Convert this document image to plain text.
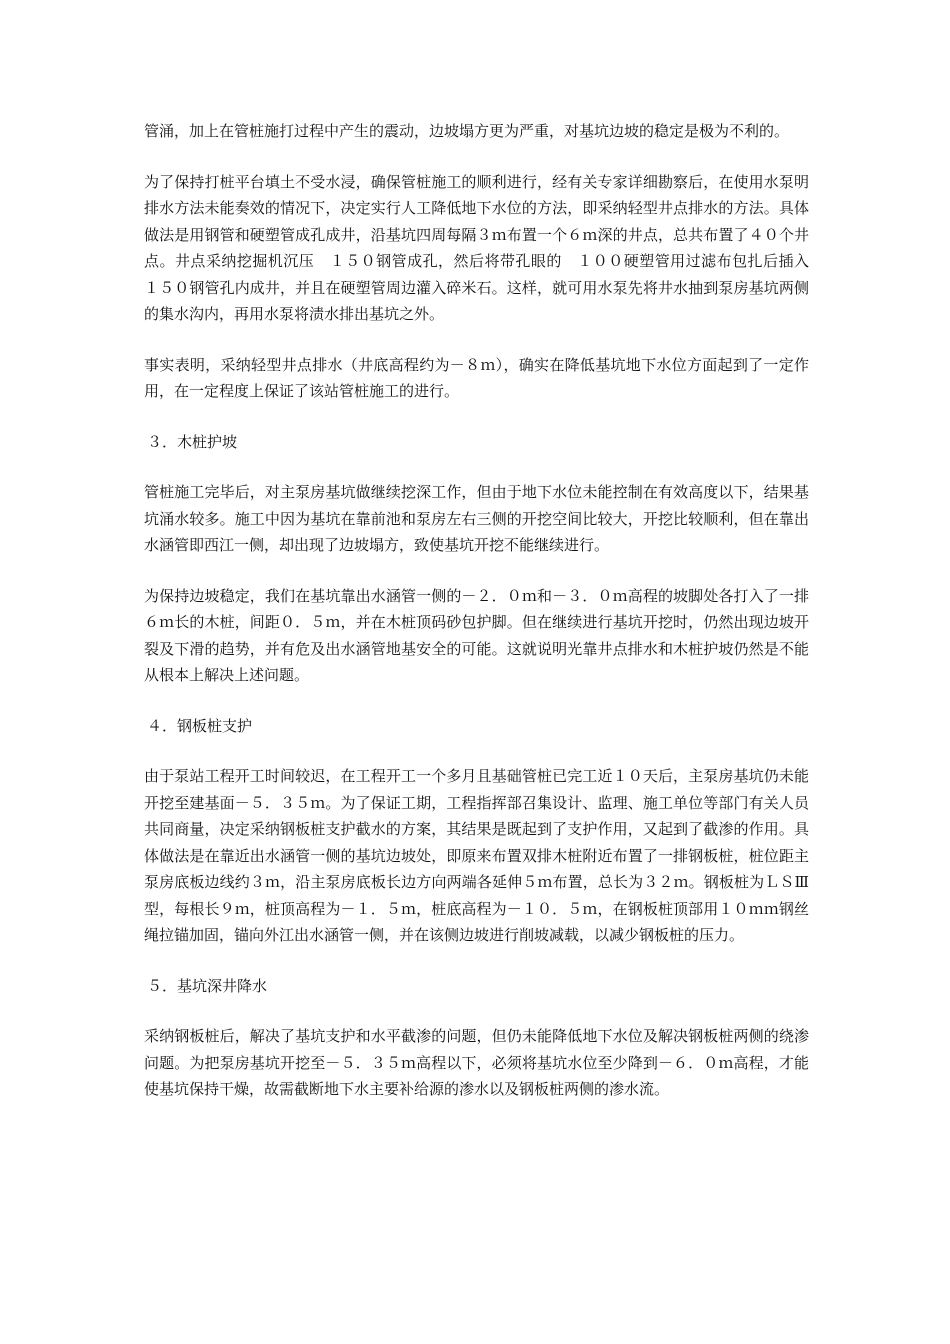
管涌，加上在管桩施打过程中产生的震动，边坡塌方更为严重，对基坑边坡的稳定是极为不利的。

为了保持打桩平台填土不受水浸，确保管桩施工的顺利进行，经有关专家详细勘察后，在使用水泵明排水方法未能奏效的情况下，决定实行人工降低地下水位的方法，即采纳轻型井点排水的方法。具体做法是用钢管和硬塑管成孔成井，沿基坑四周每隔３ｍ布置一个６ｍ深的井点，总共布置了４０个井点。井点采纳挖掘机沉压　１５０钢管成孔，然后将带孔眼的　１００硬塑管用过滤布包扎后插入　１５０钢管孔内成井，并且在硬塑管周边灌入碎米石。这样，就可用水泵先将井水抽到泵房基坑两侧的集水沟内，再用水泵将渍水排出基坑之外。

事实表明，采纳轻型井点排水（井底高程约为－８ｍ），确实在降低基坑地下水位方面起到了一定作用，在一定程度上保证了该站管桩施工的进行。

３．木桩护坡

管桩施工完毕后，对主泵房基坑做继续挖深工作，但由于地下水位未能控制在有效高度以下，结果基坑涌水较多。施工中因为基坑在靠前池和泵房左右三侧的开挖空间比较大，开挖比较顺利，但在靠出水涵管即西江一侧，却出现了边坡塌方，致使基坑开挖不能继续进行。

为保持边坡稳定，我们在基坑靠出水涵管一侧的－２．０ｍ和－３．０ｍ高程的坡脚处各打入了一排６ｍ长的木桩，间距０．５ｍ，并在木桩顶码砂包护脚。但在继续进行基坑开挖时，仍然出现边坡开裂及下滑的趋势，并有危及出水涵管地基安全的可能。这就说明光靠井点排水和木桩护坡仍然是不能从根本上解决上述问题。

４．钢板桩支护

由于泵站工程开工时间较迟，在工程开工一个多月且基础管桩已完工近１０天后，主泵房基坑仍未能开挖至建基面－５．３５ｍ。为了保证工期，工程指挥部召集设计、监理、施工单位等部门有关人员共同商量，决定采纳钢板桩支护截水的方案，其结果是既起到了支护作用，又起到了截渗的作用。具体做法是在靠近出水涵管一侧的基坑边坡处，即原来布置双排木桩附近布置了一排钢板桩，桩位距主泵房底板边线约３ｍ，沿主泵房底板长边方向两端各延伸５ｍ布置，总长为３２ｍ。钢板桩为ＬＳⅢ型，每根长９ｍ，桩顶高程为－１．５ｍ，桩底高程为－１０．５ｍ，在钢板桩顶部用１０ｍｍ钢丝绳拉锚加固，锚向外江出水涵管一侧，并在该侧边坡进行削坡减载，以减少钢板桩的压力。

５．基坑深井降水

采纳钢板桩后，解决了基坑支护和水平截渗的问题，但仍未能降低地下水位及解决钢板桩两侧的绕渗问题。为把泵房基坑开挖至－５．３５ｍ高程以下，必须将基坑水位至少降到－６．０ｍ高程，才能使基坑保持干燥，故需截断地下水主要补给源的渗水以及钢板桩两侧的渗水流。
